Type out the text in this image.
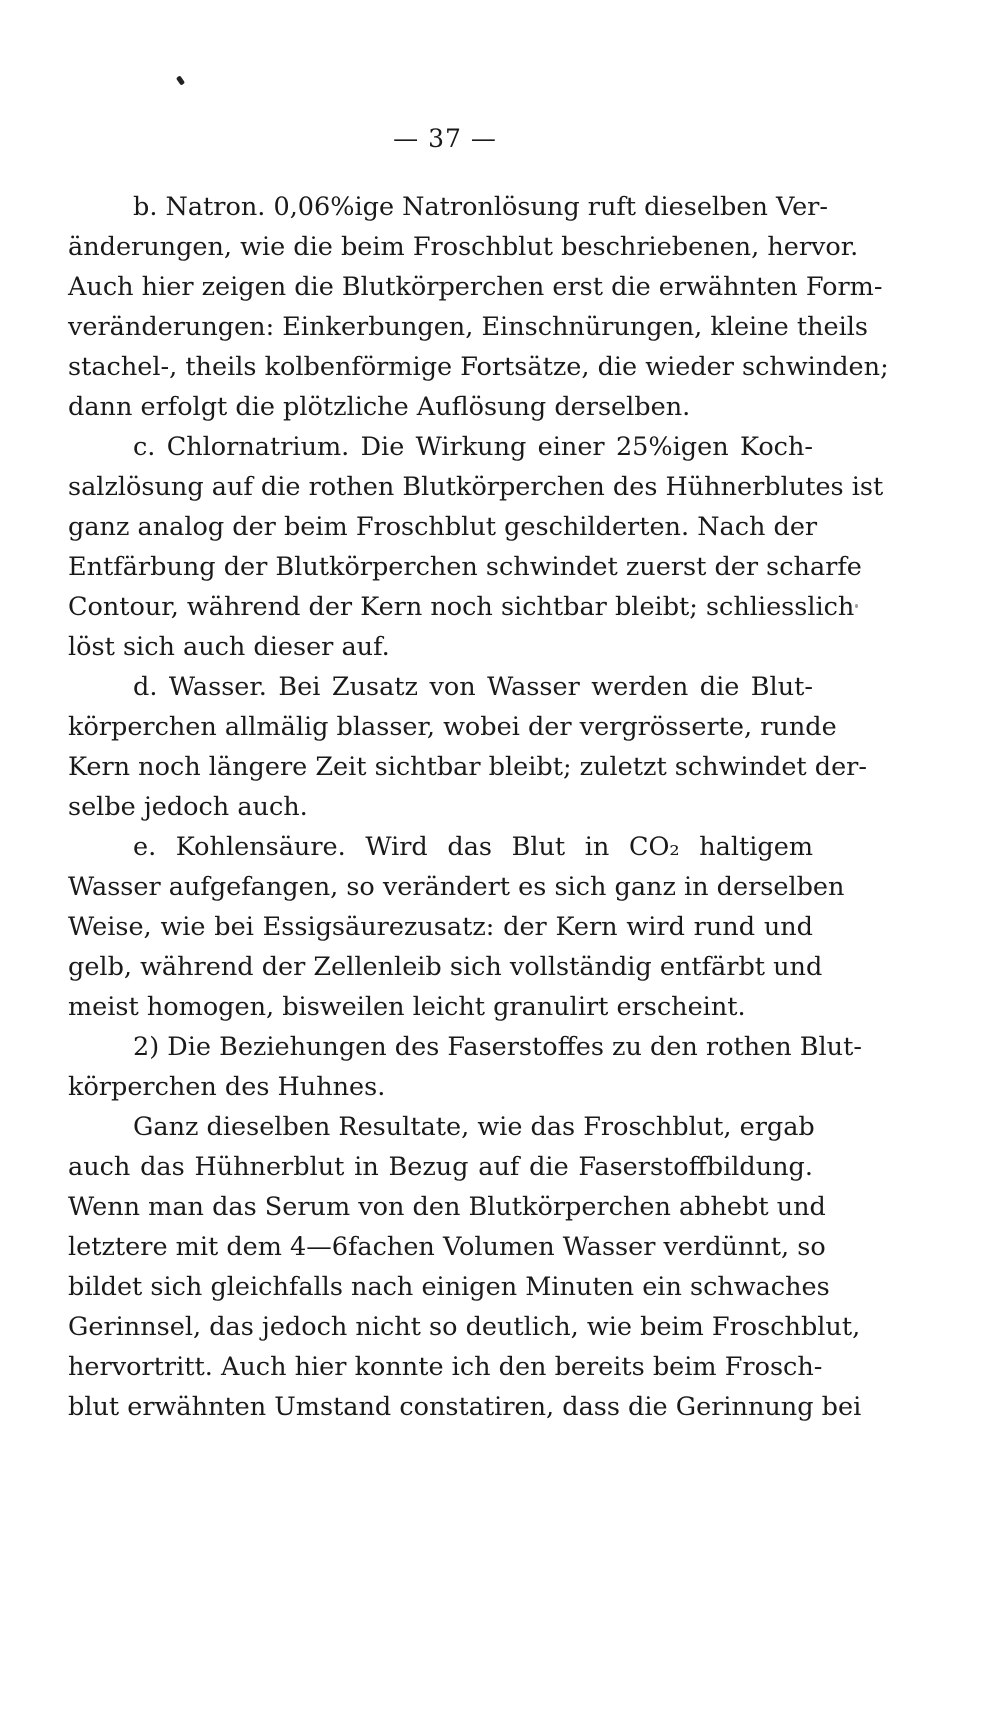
— 37 —
b. Natron. 0,06%ige Natronlösung ruft dieselben Ver-
änderungen, wie die beim Froschblut beschriebenen, hervor.
Auch hier zeigen die Blutkörperchen erst die erwähnten Form-
veränderungen: Einkerbungen, Einschnürungen, kleine theils
stachel-, theils kolbenförmige Fortsätze, die wieder schwinden;
dann erfolgt die plötzliche Auflösung derselben.
c. Chlornatrium. Die Wirkung einer 25%igen Koch-
salzlösung auf die rothen Blutkörperchen des Hühnerblutes ist
ganz analog der beim Froschblut geschilderten. Nach der
Entfärbung der Blutkörperchen schwindet zuerst der scharfe
Contour, während der Kern noch sichtbar bleibt; schliesslich
löst sich auch dieser auf.
d. Wasser. Bei Zusatz von Wasser werden die Blut-
körperchen allmälig blasser, wobei der vergrösserte, runde
Kern noch längere Zeit sichtbar bleibt; zuletzt schwindet der-
selbe jedoch auch.
e. Kohlensäure. Wird das Blut in CO₂ haltigem
Wasser aufgefangen, so verändert es sich ganz in derselben
Weise, wie bei Essigsäurezusatz: der Kern wird rund und
gelb, während der Zellenleib sich vollständig entfärbt und
meist homogen, bisweilen leicht granulirt erscheint.
2) Die Beziehungen des Faserstoffes zu den rothen Blut-
körperchen des Huhnes.
Ganz dieselben Resultate, wie das Froschblut, ergab
auch das Hühnerblut in Bezug auf die Faserstoffbildung.
Wenn man das Serum von den Blutkörperchen abhebt und
letztere mit dem 4—6fachen Volumen Wasser verdünnt, so
bildet sich gleichfalls nach einigen Minuten ein schwaches
Gerinnsel, das jedoch nicht so deutlich, wie beim Froschblut,
hervortritt. Auch hier konnte ich den bereits beim Frosch-
blut erwähnten Umstand constatiren, dass die Gerinnung bei
